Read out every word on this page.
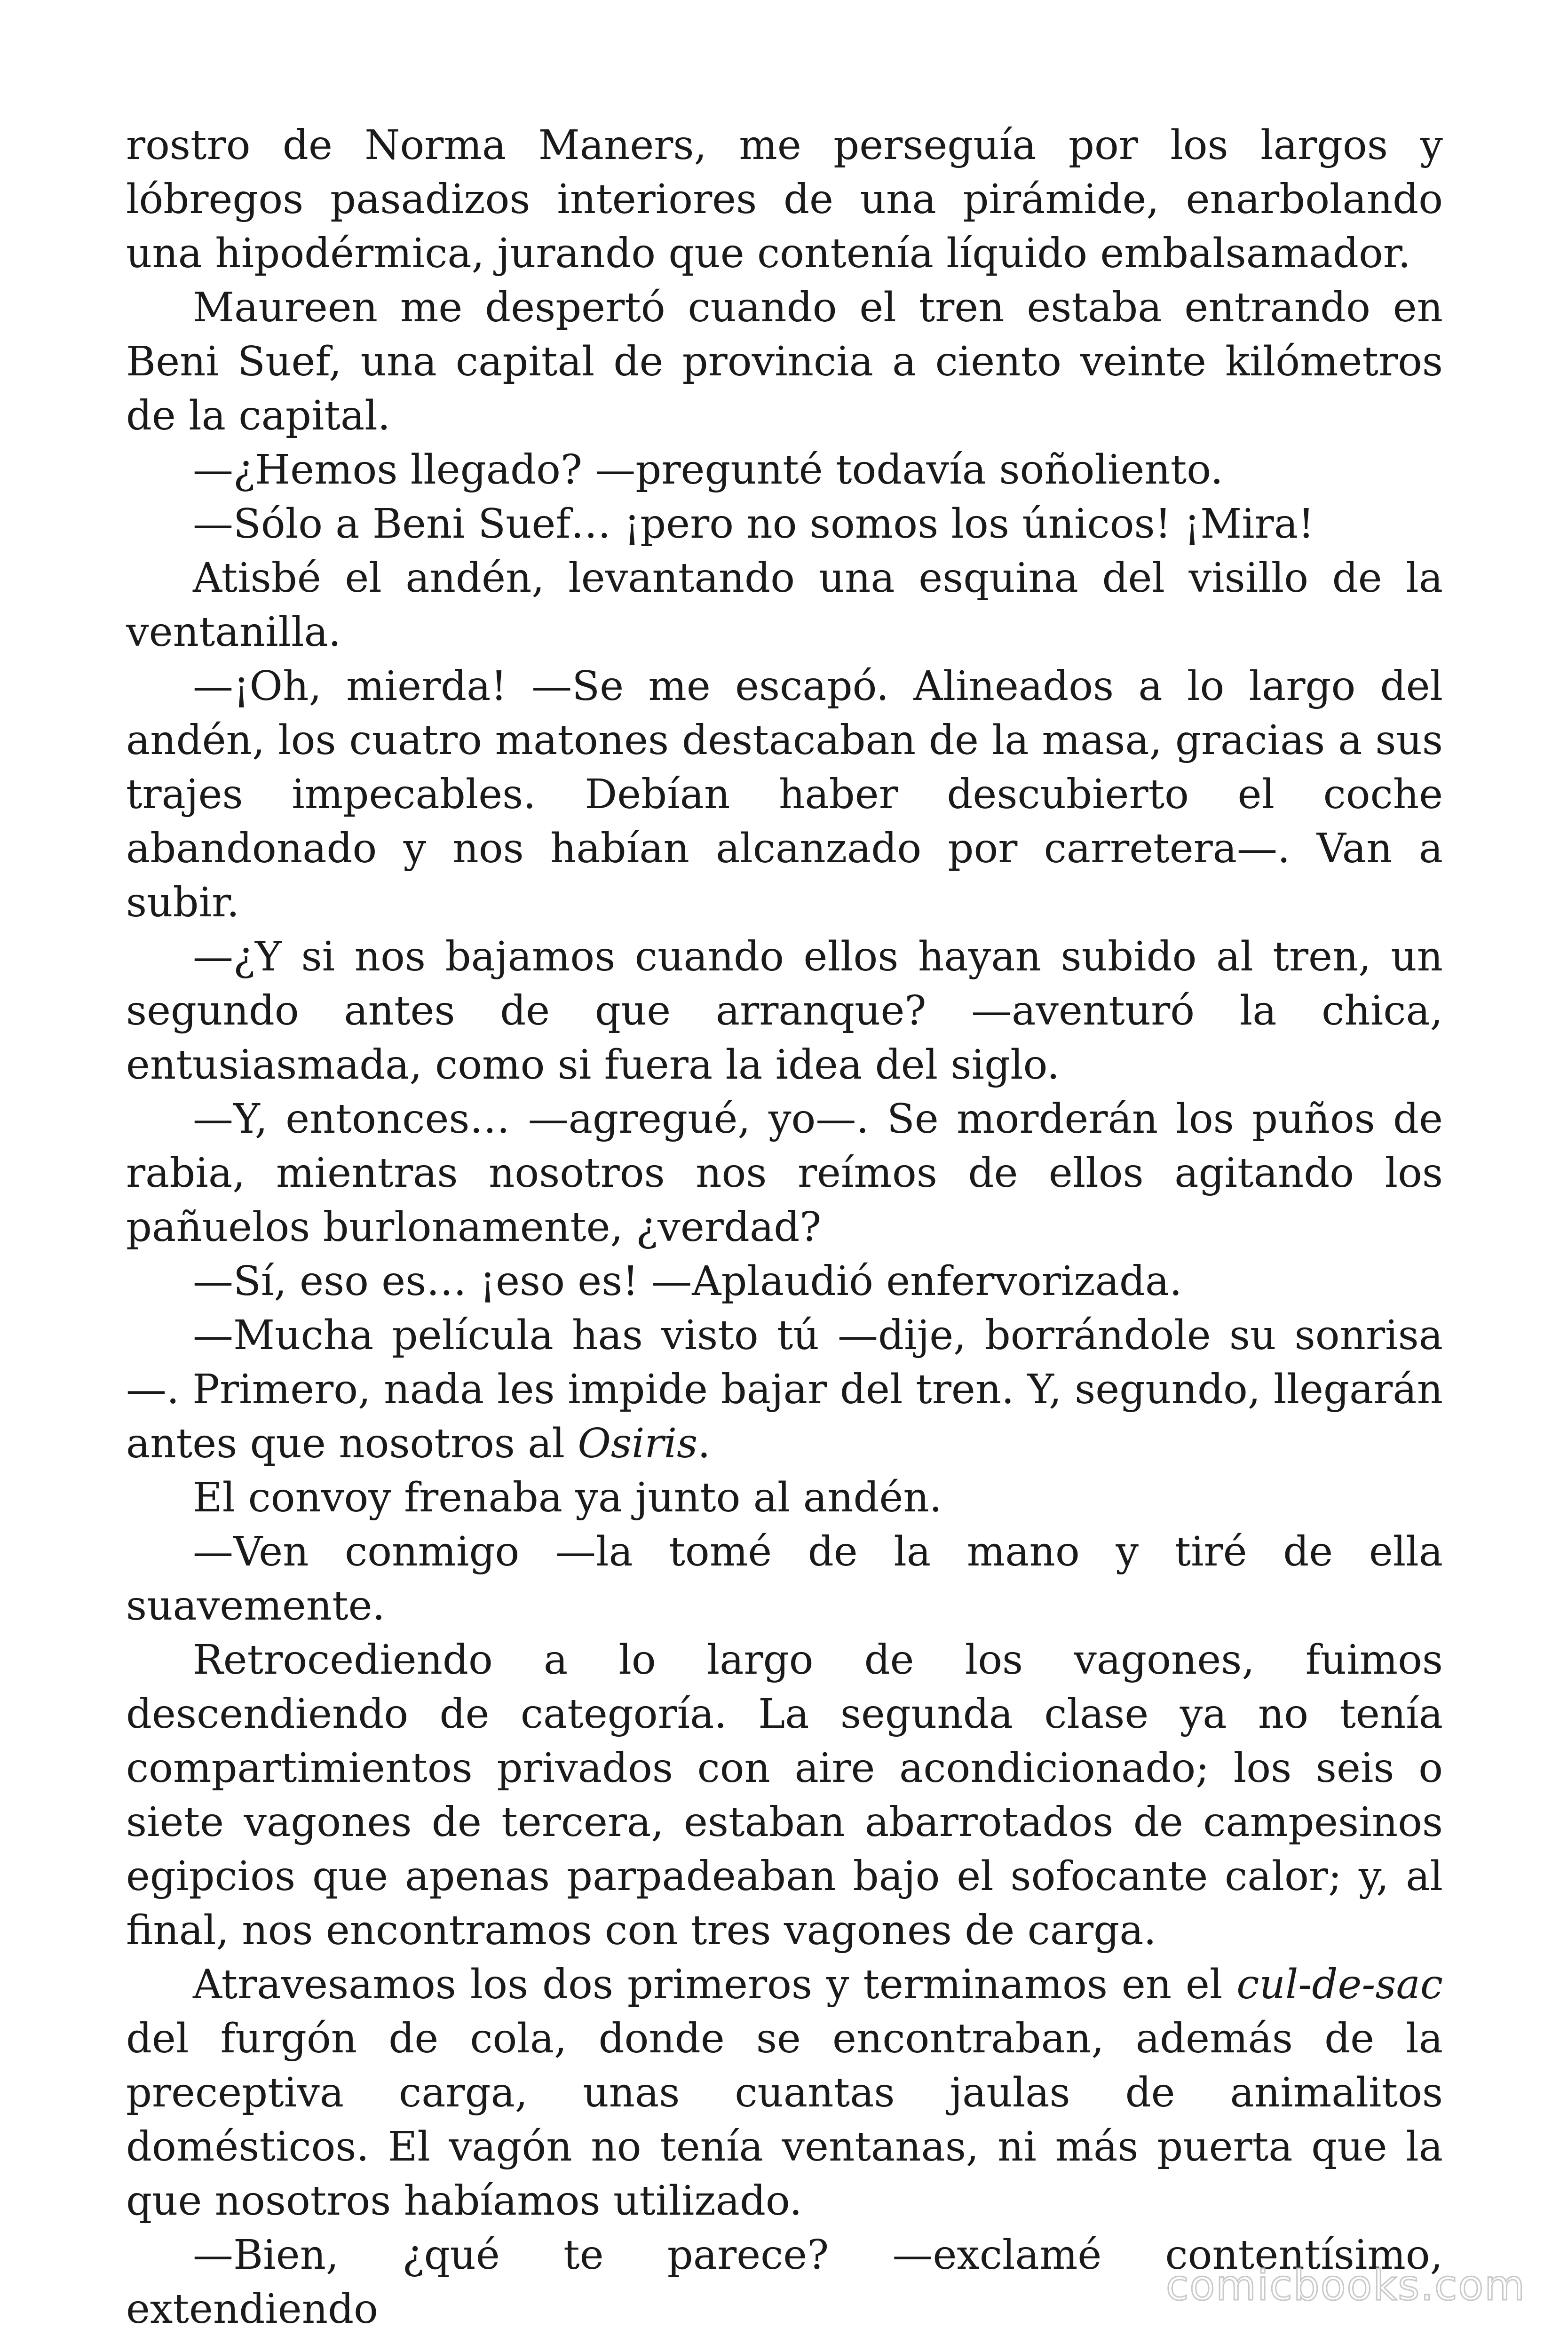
rostro de Norma Maners, me perseguía por los largos y lóbregos pasadizos interiores de una pirámide, enarbolando una hipodérmica, jurando que contenía líquido embalsamador.

Maureen me despertó cuando el tren estaba entrando en Beni Suef, una capital de provincia a ciento veinte kilómetros de la capital.

—¿Hemos llegado? —pregunté todavía soñoliento.

—Sólo a Beni Suef… ¡pero no somos los únicos! ¡Mira!

Atisbé el andén, levantando una esquina del visillo de la ventanilla.

—¡Oh, mierda! —Se me escapó. Alineados a lo largo del andén, los cuatro matones destacaban de la masa, gracias a sus trajes impecables. Debían haber descubierto el coche abandonado y nos habían alcanzado por carretera—. Van a subir.

—¿Y si nos bajamos cuando ellos hayan subido al tren, un segundo antes de que arranque? —aventuró la chica, entusiasmada, como si fuera la idea del siglo.

—Y, entonces… —agregué, yo—. Se morderán los puños de rabia, mientras nosotros nos reímos de ellos agitando los pañuelos burlonamente, ¿verdad?

—Sí, eso es… ¡eso es! —Aplaudió enfervorizada.

—Mucha película has visto tú —dije, borrándole su sonrisa—. Primero, nada les impide bajar del tren. Y, segundo, llegarán antes que nosotros al Osiris.

El convoy frenaba ya junto al andén.

—Ven conmigo —la tomé de la mano y tiré de ella suavemente.

Retrocediendo a lo largo de los vagones, fuimos descendiendo de categoría. La segunda clase ya no tenía compartimientos privados con aire acondicionado; los seis o siete vagones de tercera, estaban abarrotados de campesinos egipcios que apenas parpadeaban bajo el sofocante calor; y, al final, nos encontramos con tres vagones de carga.

Atravesamos los dos primeros y terminamos en el cul-de-sac del furgón de cola, donde se encontraban, además de la preceptiva carga, unas cuantas jaulas de animalitos domésticos. El vagón no tenía ventanas, ni más puerta que la que nosotros habíamos utilizado.

—Bien, ¿qué te parece? —exclamé contentísimo, extendiendo	comicbooks.com
